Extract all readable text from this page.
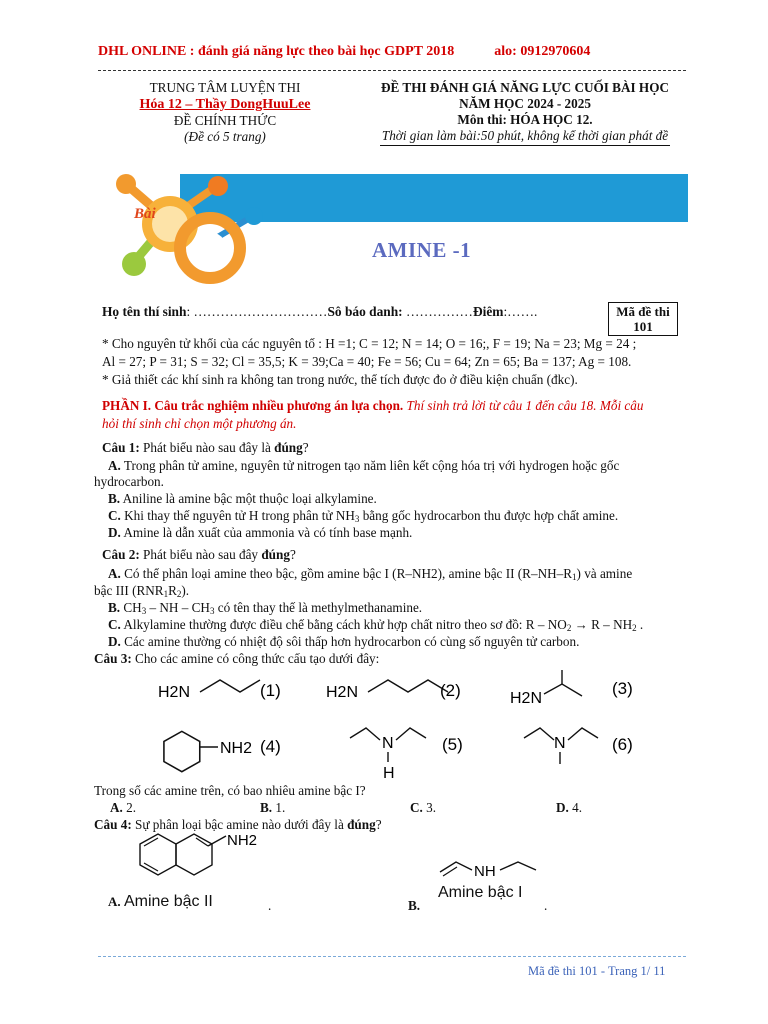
DHL ONLINE : đánh giá năng lực theo bài học GDPT 2018	alo: 0912970604
TRUNG TÂM LUYỆN THI
Hóa 12 – Thầy DongHuuLee
ĐỀ CHÍNH THỨC
(Đề có 5 trang)
ĐỀ THI ĐÁNH GIÁ NĂNG LỰC CUỐI BÀI HỌC
NĂM HỌC 2024 - 2025
Môn thi: HÓA HỌC 12.
Thời gian làm bài:50 phút, không kể thời gian phát đề
Bài
AMINE -1
Họ tên thí sinh: …………………………Sô báo danh: ……………Điêm:…….	Mã đề thi
101
* Cho nguyên tử khối của các nguyên tố : H =1; C = 12; N = 14; O = 16;, F = 19; Na = 23; Mg = 24 ;
Al = 27; P = 31; S = 32; Cl = 35,5; K = 39;Ca = 40; Fe = 56; Cu = 64; Zn = 65; Ba = 137; Ag = 108.
* Giả thiết các khí sinh ra không tan trong nước, thể tích được đo ở điều kiện chuẩn (đkc).
PHẦN I. Câu trắc nghiệm nhiều phương án lựa chọn. Thí sinh trả lời từ câu 1 đến câu 18. Mỗi câu
hỏi thí sinh chỉ chọn một phương án.
Câu 1: Phát biểu nào sau đây là đúng?
A. Trong phân tử amine, nguyên tử nitrogen tạo năm liên kết cộng hóa trị với hydrogen hoặc gốc
hydrocarbon.
B. Aniline là amine bậc một thuộc loại alkylamine.
C. Khi thay thế nguyên tử H trong phân tử $NH_3$ bằng gốc hydrocarbon thu được hợp chất amine.
D. Amine là dẫn xuất của ammonia và có tính base mạnh.
Câu 2: Phát biểu nào sau đây đúng?
A. Có thể phân loại amine theo bậc, gồm amine bậc I (R–NH2), amine bậc II $(R-NH-R_1)$ và amine
bậc III $(RNR_1R_2)$.
B. $CH_3$ – NH – $CH_3$ có tên thay thế là methylmethanamine.
C. Alkylamine thường được điều chế bằng cách khử hợp chất nitro theo sơ đồ: $R - NO_2 \to R - NH_2$ .
D. Các amine thường có nhiệt độ sôi thấp hơn hydrocarbon có cùng số nguyên tử carbon.
Câu 3: Cho các amine có công thức cấu tạo dưới đây:
H2N	(1)	H2N	(2)	H2N
(3)
NH2 (4)	N
H
(5)	N	(6)
Trong số các amine trên, có bao nhiêu amine bậc I?
A. 2.	B. 1.	C. 3.	D. 4.
Câu 4: Sự phân loại bậc amine nào dưới đây là đúng?
NH2
NH
A. Amine bậc II	.	B.
Amine bậc I
.
Mã đề thi 101 - Trang 1/ 11
